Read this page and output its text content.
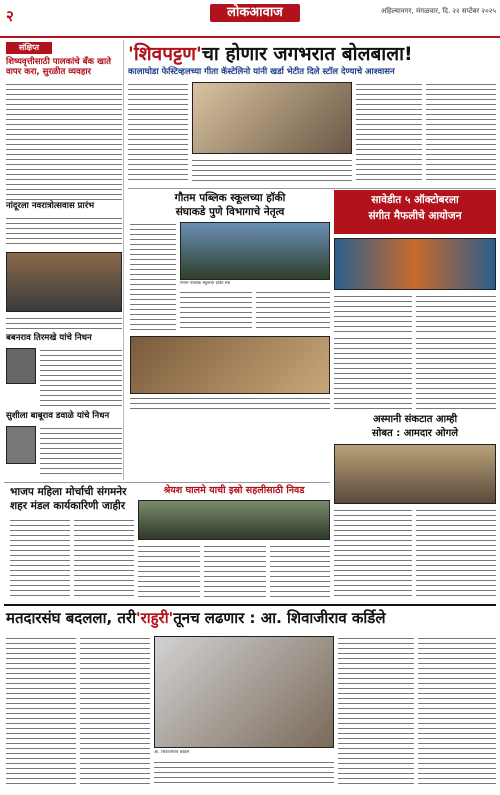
२	लोकआवाज	अहिल्यानगर, मंगळवार, दि. २२ सप्टेंबर २०२५
संक्षिप्त
शिष्यवृत्तीसाठी पालकांचे बँक खाते वापर करा, सुरळीत व्यवहार
नांदूरला नवरात्रोत्सवास प्रारंभ
बबनराव तिरमखे यांचे निधन
सुशीला बाबूराव डवाळे यांचे निधन
'शिवपट्टण'चा होणार जगभरात बोलबाला!
कालाघोडा फेस्टिव्हलच्या गीता कॅस्टेलिनो यांनी खर्डा भेटीत दिले स्टॉल देण्याचे आश्वासन
गौतम पब्लिक स्कूलच्या हॉकी
संघाकडे पुणे विभागाचे नेतृत्व
गौतम पब्लिक स्कूलचा हॉकी संघ
सावेडीत ५ ऑक्टोबरला
संगीत मैफलीचे आयोजन
अस्मानी संकटात आम्ही
सोबत : आमदार ओगले
भाजप महिला मोर्चाची संगमनेर
शहर मंडल कार्यकारिणी जाहीर
श्रेयश घालमे याची इस्रो सहलीसाठी निवड
मतदारसंघ बदलला, तरी'राहुरी'तूनच लढणार : आ. शिवाजीराव कर्डिले
आ. शिवाजीराव कर्डिले
